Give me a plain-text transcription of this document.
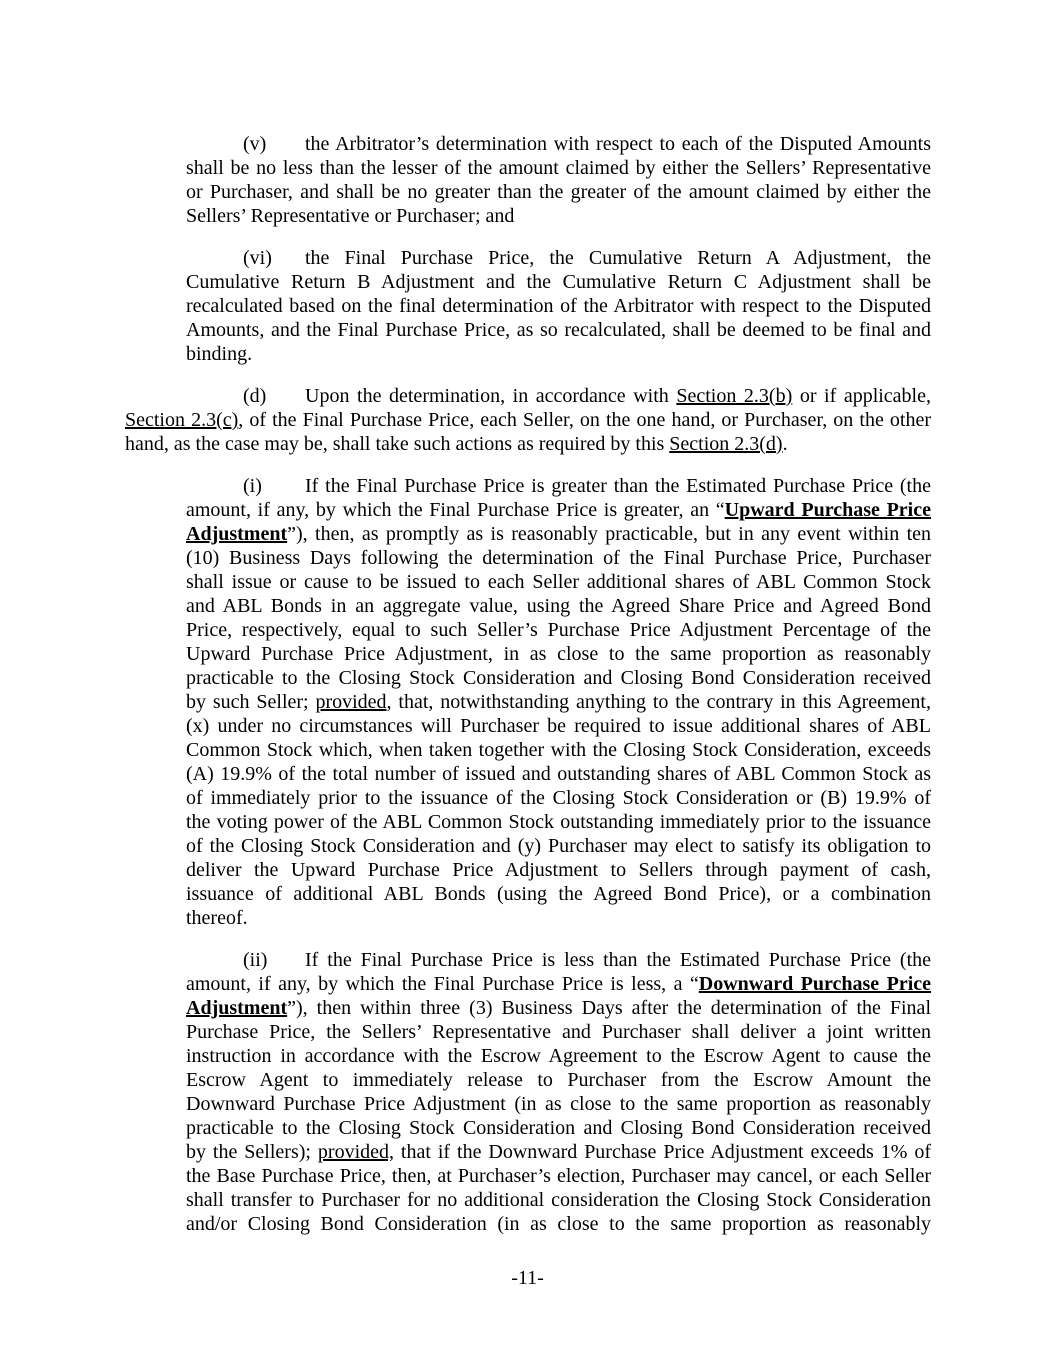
(v) the Arbitrator’s determination with respect to each of the Disputed Amounts
shall be no less than the lesser of the amount claimed by either the Sellers’ Representative
or Purchaser, and shall be no greater than the greater of the amount claimed by either the
Sellers’ Representative or Purchaser; and
(vi) the Final Purchase Price, the Cumulative Return A Adjustment, the
Cumulative Return B Adjustment and the Cumulative Return C Adjustment shall be
recalculated based on the final determination of the Arbitrator with respect to the Disputed
Amounts, and the Final Purchase Price, as so recalculated, shall be deemed to be final and
binding.
(d) Upon the determination, in accordance with Section 2.3(b) or if applicable,
Section 2.3(c), of the Final Purchase Price, each Seller, on the one hand, or Purchaser, on the other
hand, as the case may be, shall take such actions as required by this Section 2.3(d).
(i) If the Final Purchase Price is greater than the Estimated Purchase Price (the
amount, if any, by which the Final Purchase Price is greater, an “Upward Purchase Price
Adjustment”), then, as promptly as is reasonably practicable, but in any event within ten
(10) Business Days following the determination of the Final Purchase Price, Purchaser
shall issue or cause to be issued to each Seller additional shares of ABL Common Stock
and ABL Bonds in an aggregate value, using the Agreed Share Price and Agreed Bond
Price, respectively, equal to such Seller’s Purchase Price Adjustment Percentage of the
Upward Purchase Price Adjustment, in as close to the same proportion as reasonably
practicable to the Closing Stock Consideration and Closing Bond Consideration received
by such Seller; provided, that, notwithstanding anything to the contrary in this Agreement,
(x) under no circumstances will Purchaser be required to issue additional shares of ABL
Common Stock which, when taken together with the Closing Stock Consideration, exceeds
(A) 19.9% of the total number of issued and outstanding shares of ABL Common Stock as
of immediately prior to the issuance of the Closing Stock Consideration or (B) 19.9% of
the voting power of the ABL Common Stock outstanding immediately prior to the issuance
of the Closing Stock Consideration and (y) Purchaser may elect to satisfy its obligation to
deliver the Upward Purchase Price Adjustment to Sellers through payment of cash,
issuance of additional ABL Bonds (using the Agreed Bond Price), or a combination
thereof.
(ii) If the Final Purchase Price is less than the Estimated Purchase Price (the
amount, if any, by which the Final Purchase Price is less, a “Downward Purchase Price
Adjustment”), then within three (3) Business Days after the determination of the Final
Purchase Price, the Sellers’ Representative and Purchaser shall deliver a joint written
instruction in accordance with the Escrow Agreement to the Escrow Agent to cause the
Escrow Agent to immediately release to Purchaser from the Escrow Amount the
Downward Purchase Price Adjustment (in as close to the same proportion as reasonably
practicable to the Closing Stock Consideration and Closing Bond Consideration received
by the Sellers); provided, that if the Downward Purchase Price Adjustment exceeds 1% of
the Base Purchase Price, then, at Purchaser’s election, Purchaser may cancel, or each Seller
shall transfer to Purchaser for no additional consideration the Closing Stock Consideration
and/or Closing Bond Consideration (in as close to the same proportion as reasonably
-11-
